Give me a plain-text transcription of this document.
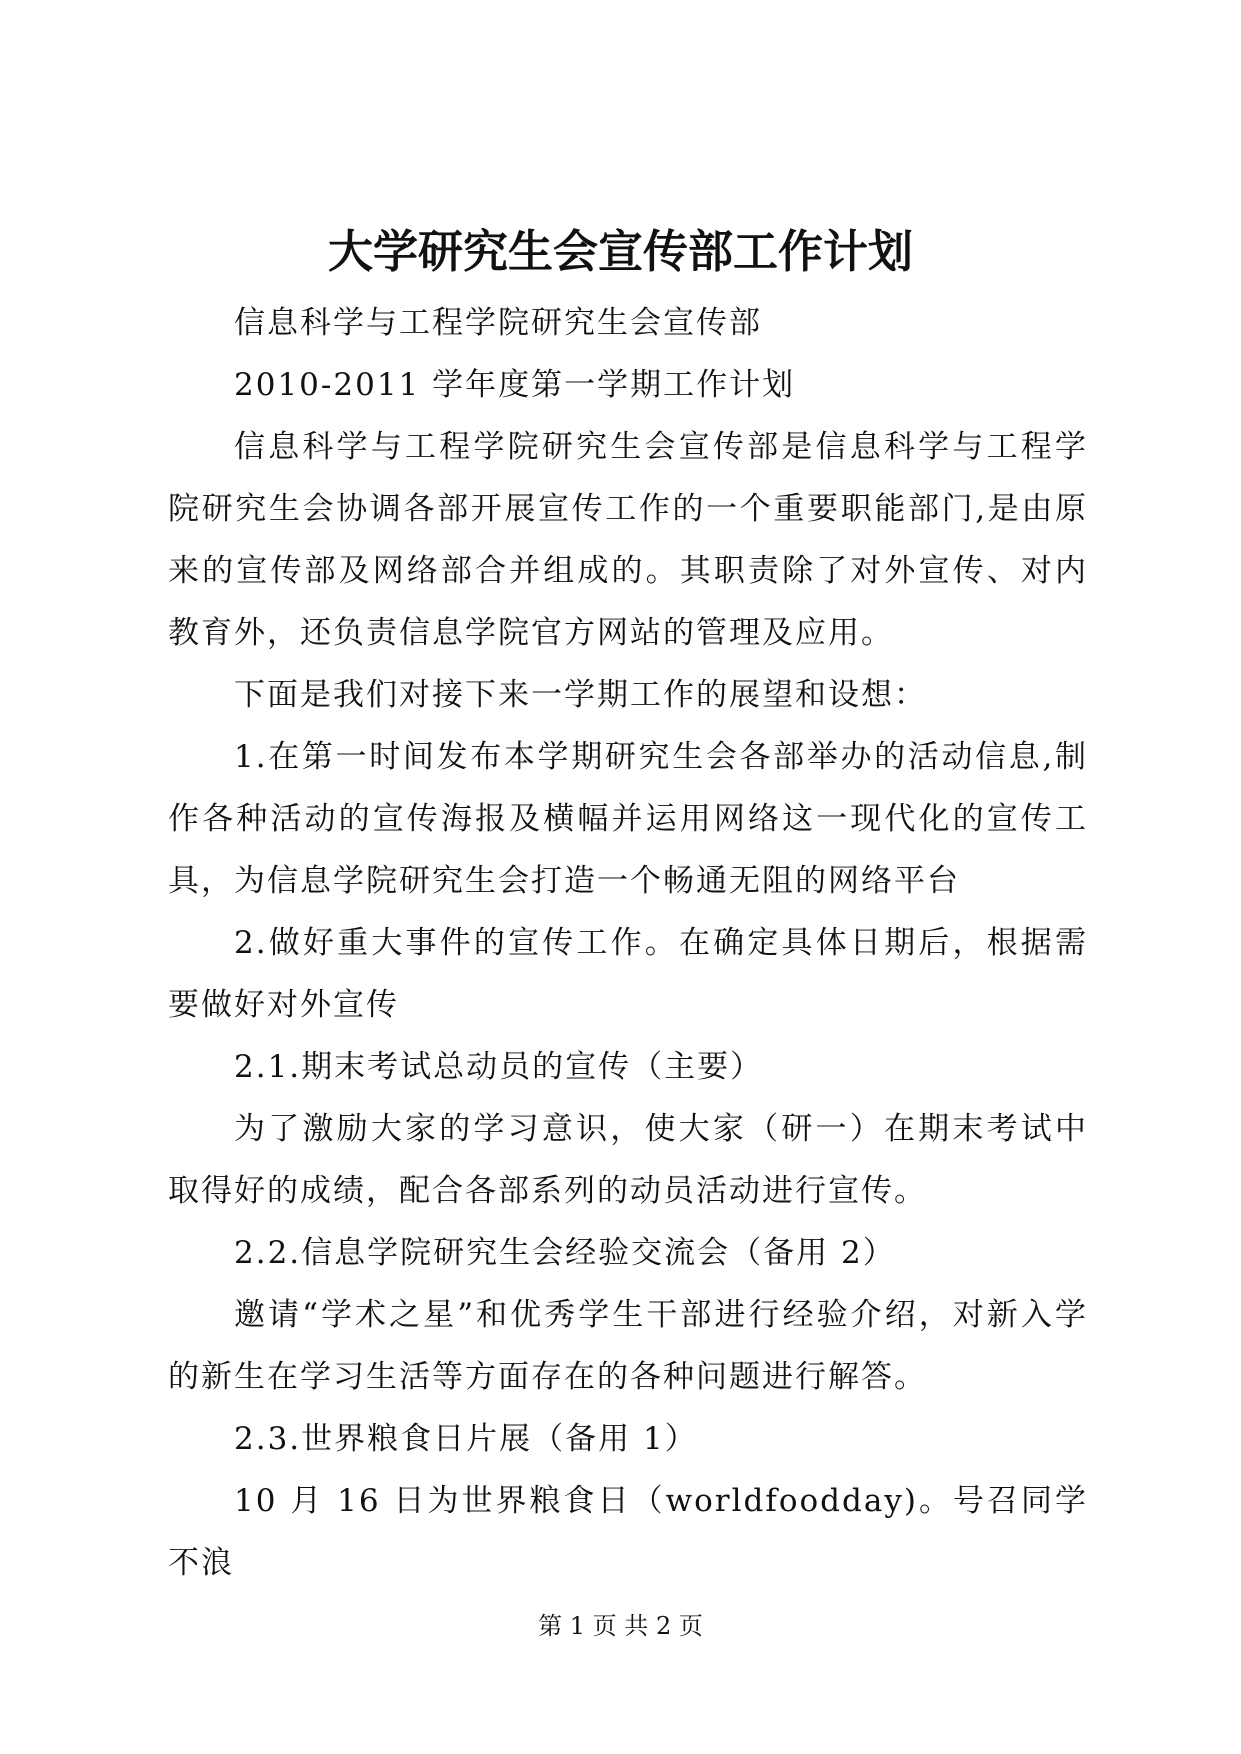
大学研究生会宣传部工作计划

信息科学与工程学院研究生会宣传部

2010-2011 学年度第一学期工作计划

信息科学与工程学院研究生会宣传部是信息科学与工程学院研究生会协调各部开展宣传工作的一个重要职能部门,是由原来的宣传部及网络部合并组成的。其职责除了对外宣传、对内教育外，还负责信息学院官方网站的管理及应用。

下面是我们对接下来一学期工作的展望和设想：

1.在第一时间发布本学期研究生会各部举办的活动信息,制作各种活动的宣传海报及横幅并运用网络这一现代化的宣传工具，为信息学院研究生会打造一个畅通无阻的网络平台

2.做好重大事件的宣传工作。在确定具体日期后，根据需要做好对外宣传

2.1.期末考试总动员的宣传（主要）

为了激励大家的学习意识，使大家（研一）在期末考试中取得好的成绩，配合各部系列的动员活动进行宣传。

2.2.信息学院研究生会经验交流会（备用 2）

邀请“学术之星”和优秀学生干部进行经验介绍，对新入学的新生在学习生活等方面存在的各种问题进行解答。

2.3.世界粮食日片展（备用 1）

10 月 16 日为世界粮食日（worldfoodday)。号召同学不浪

第 1 页 共 2 页
